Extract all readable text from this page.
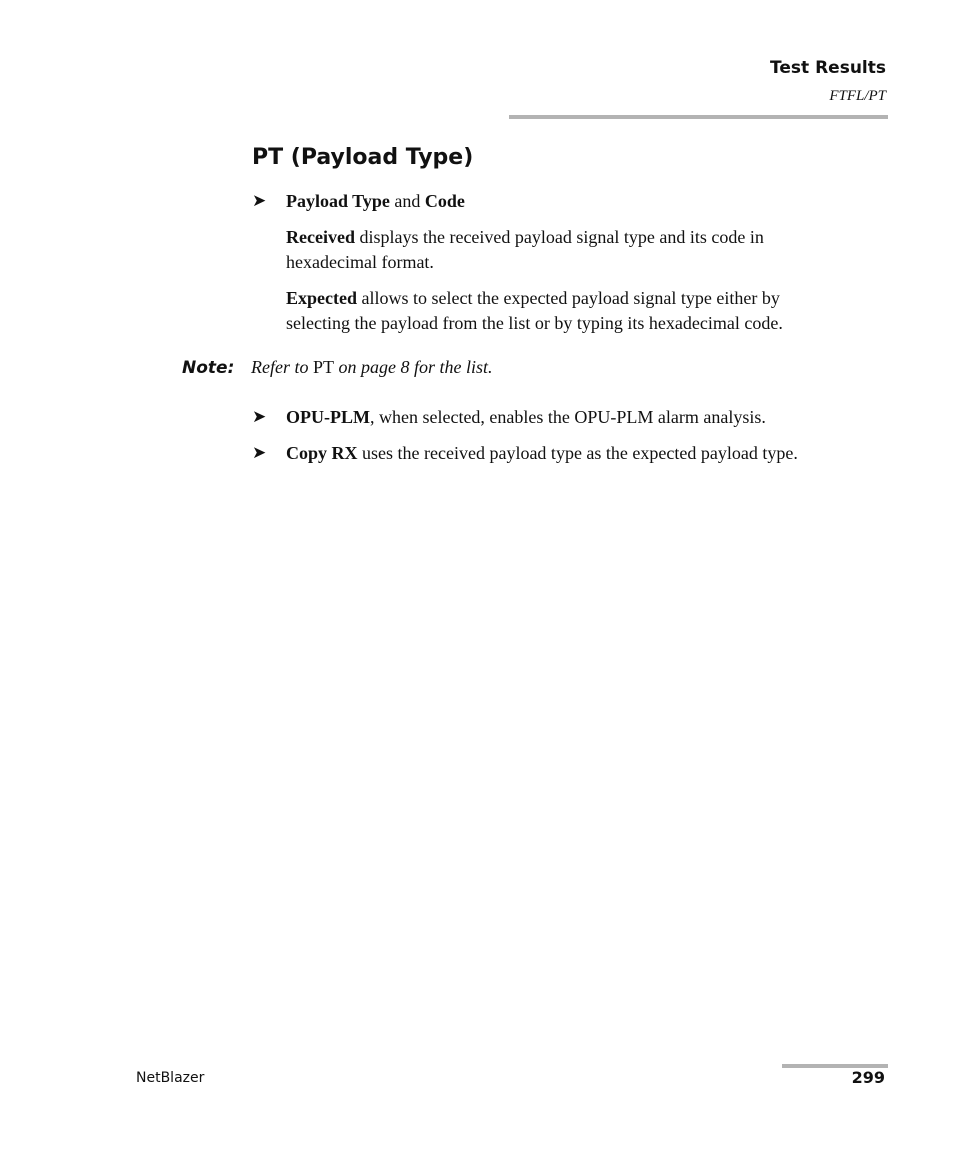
Test Results
FTFL/PT
PT (Payload Type)
➤	Payload Type and Code
Received displays the received payload signal type and its code in
hexadecimal format.
Expected allows to select the expected payload signal type either by
selecting the payload from the list or by typing its hexadecimal code.
Note: Refer to PT on page 8 for the list.
➤	OPU-PLM, when selected, enables the OPU-PLM alarm analysis.
➤	Copy RX uses the received payload type as the expected payload type.
NetBlazer	299
